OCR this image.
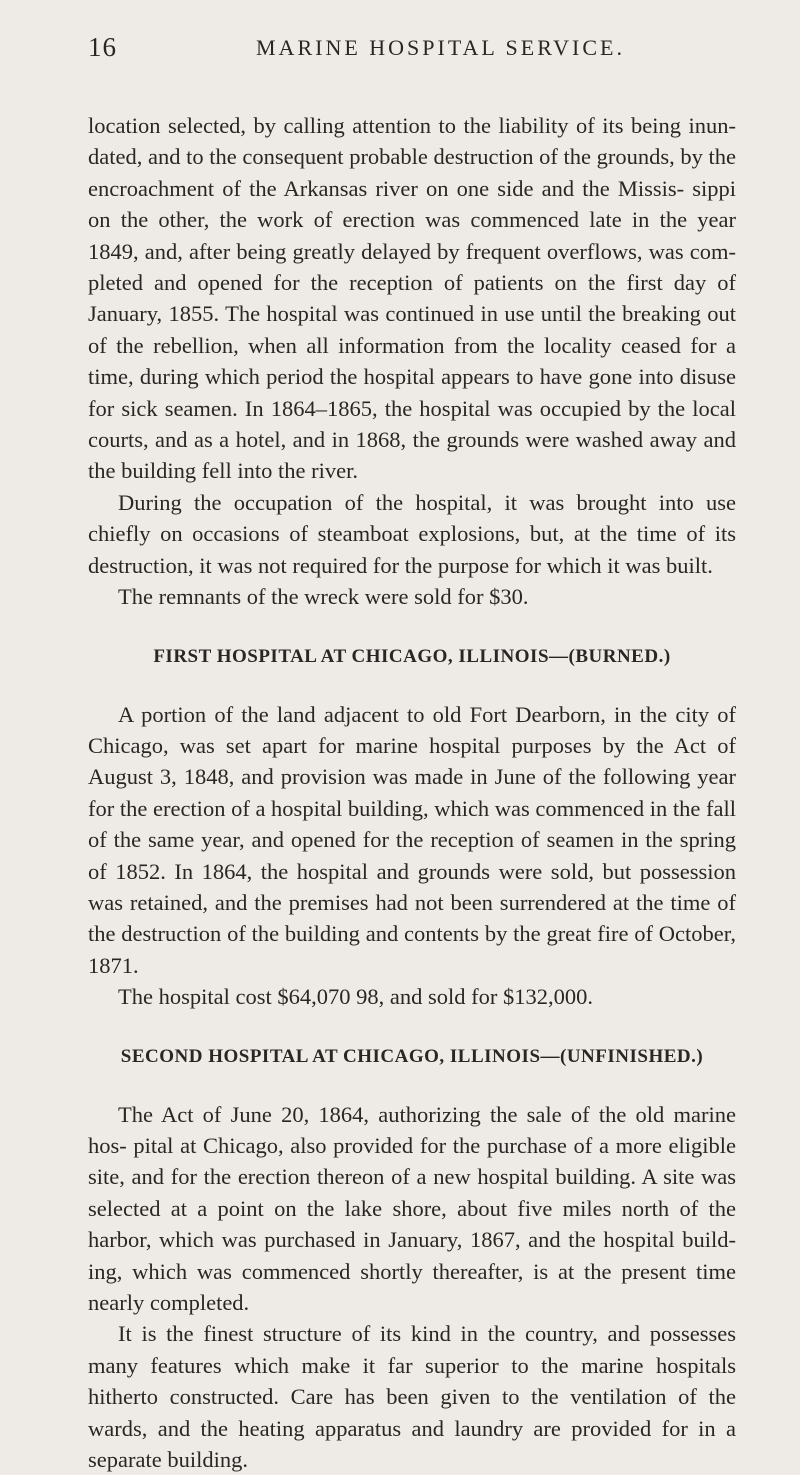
16	MARINE HOSPITAL SERVICE.

location selected, by calling attention to the liability of its being inun- dated, and to the consequent probable destruction of the grounds, by the encroachment of the Arkansas river on one side and the Missis- sippi on the other, the work of erection was commenced late in the year 1849, and, after being greatly delayed by frequent overflows, was com- pleted and opened for the reception of patients on the first day of January, 1855. The hospital was continued in use until the breaking out of the rebellion, when all information from the locality ceased for a time, during which period the hospital appears to have gone into disuse for sick seamen. In 1864–1865, the hospital was occupied by the local courts, and as a hotel, and in 1868, the grounds were washed away and the building fell into the river.

During the occupation of the hospital, it was brought into use chiefly on occasions of steamboat explosions, but, at the time of its destruction, it was not required for the purpose for which it was built.

The remnants of the wreck were sold for $30.

FIRST HOSPITAL AT CHICAGO, ILLINOIS—(BURNED.)

A portion of the land adjacent to old Fort Dearborn, in the city of Chicago, was set apart for marine hospital purposes by the Act of August 3, 1848, and provision was made in June of the following year for the erection of a hospital building, which was commenced in the fall of the same year, and opened for the reception of seamen in the spring of 1852. In 1864, the hospital and grounds were sold, but possession was retained, and the premises had not been surrendered at the time of the destruction of the building and contents by the great fire of October, 1871.

The hospital cost $64,070 98, and sold for $132,000.

SECOND HOSPITAL AT CHICAGO, ILLINOIS—(UNFINISHED.)

The Act of June 20, 1864, authorizing the sale of the old marine hos- pital at Chicago, also provided for the purchase of a more eligible site, and for the erection thereon of a new hospital building. A site was selected at a point on the lake shore, about five miles north of the harbor, which was purchased in January, 1867, and the hospital build- ing, which was commenced shortly thereafter, is at the present time nearly completed.

It is the finest structure of its kind in the country, and possesses many features which make it far superior to the marine hospitals hitherto constructed. Care has been given to the ventilation of the wards, and the heating apparatus and laundry are provided for in a separate building.
